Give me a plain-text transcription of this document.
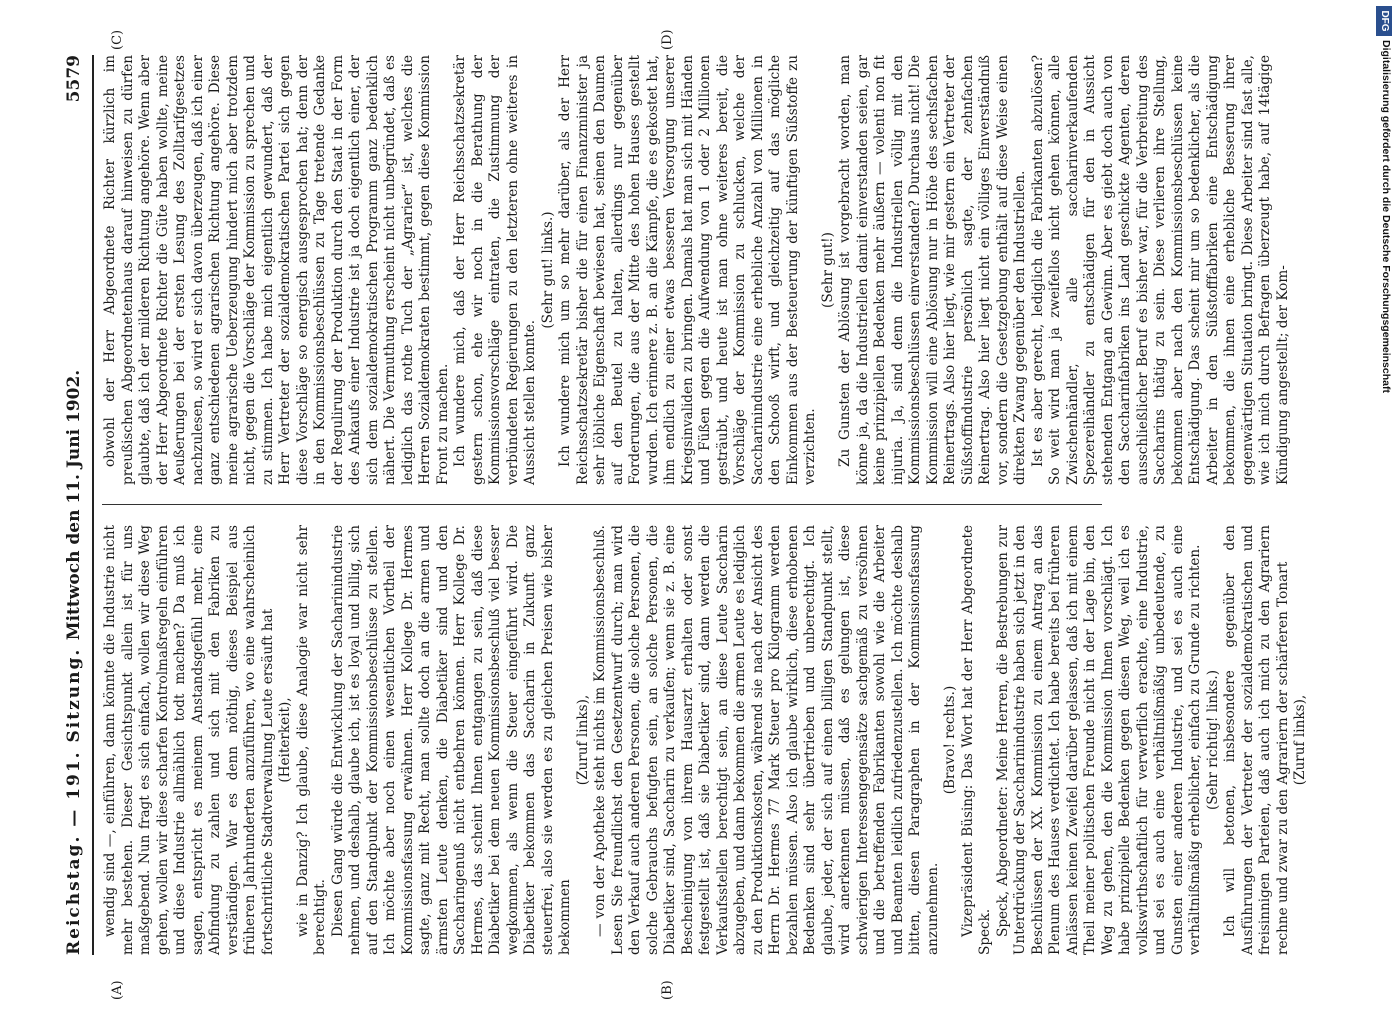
Reichstag. — 191. Sitzung.
Mittwoch den 11. Juni 1902.
5579

wendig sind —, einführen, dann könnte die Industrie nicht mehr bestehen. Dieser Gesichtspunkt allein ist für uns maßgebend. Nun fragt es sich einfach, wollen wir diese Weg gehen, wollen wir diese scharfen Kontrolmaßregeln einführen und diese Industrie allmählich todt machen? Da muß ich sagen, entspricht es meinem Anstandsgefühl mehr, eine Abfindung zu zahlen und sich mit den Fabriken zu verständigen. War es denn nöthig, dieses Beispiel aus früheren Jahrhunderten anzuführen, wo eine wahrscheinlich fortschrittliche Stadtverwaltung Leute ersäuft hat (Heiterkeit), wie in Danzig? Ich glaube, diese Analogie war nicht sehr berechtigt. Diesen Gang würde die Entwicklung der Sacharinindustrie nehmen, und deshalb, glaube ich, ist es loyal und billig, sich auf den Standpunkt der Kommissionsbeschlüsse zu stellen. Ich möchte aber noch einen wesentlichen Vortheil der Kommissionsfassung erwähnen. Herr Kollege Dr. Hermes sagte, ganz mit Recht, man sollte doch an die armen und ärmsten Leute denken, die Diabetiker sind und den Saccharingenuß nicht entbehren können. Herr Kollege Dr. Hermes, das scheint Ihnen entgangen zu sein, daß diese Diabetiker bei dem neuen Kommissionsbeschluß viel besser wegkommen, als wenn die Steuer eingeführt wird. Die Diabetiker bekommen das Saccharin in Zukunft ganz steuerfrei, also sie werden es zu gleichen Preisen wie bisher bekommen

(Zuruf links), — von der Apotheke steht nichts im Kommissionsbeschluß. Lesen Sie freundlichst den Gesetzentwurf durch; man wird den Verkauf auch anderen Personen, die solche Personen, die solche Gebrauchs befugten sein, an solche Personen, die Diabetiker sind, Saccharin zu verkaufen; wenn sie z. B. eine Bescheinigung von ihrem Hausarzt erhalten oder sonst festgestellt ist, daß sie Diabetiker sind, dann werden die Verkaufsstellen berechtigt sein, an diese Leute Saccharin abzugeben, und dann bekommen die armen Leute es lediglich zu den Produktionskosten, während sie nach der Ansicht des Herrn Dr. Hermes 77 Mark Steuer pro Kilogramm werden bezahlen müssen. Also ich glaube wirklich, diese erhobenen Bedenken sind sehr übertrieben und unberechtigt. Ich glaube, jeder, der sich auf einen billigen Standpunkt stellt, wird anerkennen müssen, daß es gelungen ist, diese schwierigen Interessengegensätze sachgemäß zu versöhnen und die betreffenden Fabrikanten sowohl wie die Arbeiter und Beamten leidlich zufriedenzustellen. Ich möchte deshalb bitten, diesen Paragraphen in der Kommissionsfassung anzunehmen.

(Bravo! rechts.) Vizepräsident Büsing: Das Wort hat der Herr Abgeordnete Speck. Speck, Abgeordneter: Meine Herren, die Bestrebungen zur Unterdrückung der Saccharinindustrie haben sich jetzt in den Beschlüssen der XX. Kommission zu einem Antrag an das Plenum des Hauses verdichtet. Ich habe bereits bei früheren Anlässen keinen Zweifel darüber gelassen, daß ich mit einem Theil meiner politischen Freunde nicht in der Lage bin, den Weg zu gehen, den die Kommission Ihnen vorschlägt. Ich habe prinzipielle Bedenken gegen diesen Weg, weil ich es volkswirthschaftlich für verwerflich erachte, eine Industrie, und sei es auch eine verhältnißmäßig unbedeutende, zu Gunsten einer anderen Industrie, und sei es auch eine verhältnißmäßig erheblicher, einfach zu Grunde zu richten. (Sehr richtig! links.) Ich will betonen, insbesondere gegenüber den Ausführungen der Vertreter der sozialdemokratischen und freisinnigen Parteien, daß auch ich mich zu den Agrariern rechne und zwar zu den Agrariern der schärferen Tonart (Zuruf links),

obwohl der Herr Abgeordnete Richter kürzlich im preußischen Abgeordnetenhaus darauf hinweisen zu dürfen glaubte, daß ich der milderen Richtung angehöre. Wenn aber der Herr Abgeordnete Richter die Güte haben wollte, meine Aeußerungen bei der ersten Lesung des Zolltarifgesetzes nachzulesen, so wird er sich davon überzeugen, daß ich einer ganz entschiedenen agrarischen Richtung angehöre. Diese meine agrarische Ueberzeugung hindert mich aber trotzdem nicht, gegen die Vorschläge der Kommission zu sprechen und zu stimmen. Ich habe mich eigentlich gewundert, daß der Herr Vertreter der sozialdemokratischen Partei sich gegen diese Vorschläge so energisch ausgesprochen hat; denn der in den Kommissionsbeschlüssen zu Tage tretende Gedanke der Regulirung der Produktion durch den Staat in der Form des Ankaufs einer Industrie ist ja doch eigentlich einer, der sich dem sozialdemokratischen Programm ganz bedenklich nähert. Die Vermuthung erscheint nicht unbegründet, daß es lediglich das rothe Tuch der „Agrarier“ ist, welches die Herren Sozialdemokraten bestimmt, gegen diese Kommission Front zu machen. Ich wundere mich, daß der Herr Reichsschatzsekretär gestern schon, ehe wir noch in die Berathung der Kommissionsvorschläge eintraten, die Zustimmung der verbündeten Regierungen zu den letzteren ohne weiteres in Aussicht stellen konnte.

(Sehr gut! links.) Ich wundere mich um so mehr darüber, als der Herr Reichsschatzsekretär bisher die für einen Finanzminister ja sehr löbliche Eigenschaft bewiesen hat, seinen den Daumen auf den Beutel zu halten, allerdings nur gegenüber Forderungen, die aus der Mitte des hohen Hauses gestellt wurden. Ich erinnere z. B. an die Kämpfe, die es gekostet hat, ihm endlich zu einer etwas besseren Versorgung unserer Kriegsinvaliden zu bringen. Damals hat man sich mit Händen und Füßen gegen die Aufwendung von 1 oder 2 Millionen gesträubt, und heute ist man ohne weiteres bereit, die Vorschläge der Kommission zu schlucken, welche der Saccharinindustrie eine erhebliche Anzahl von Millionen in den Schooß wirft, und gleichzeitig auf das mögliche Einkommen aus der Besteuerung der künftigen Süßstoffe zu verzichten.

(Sehr gut!) Zu Gunsten der Ablösung ist vorgebracht worden, man könne ja, da die Industriellen damit einverstanden seien, gar keine prinzipiellen Bedenken mehr äußern — volenti non fit injuria. Ja, sind denn die Industriellen völlig mit den Kommissionsbeschlüssen einverstanden? Durchaus nicht! Die Kommission will eine Ablösung nur in Höhe des sechsfachen Reinertrags. Also hier liegt, wie mir gestern ein Vertreter der Süßstoffindustrie persönlich sagte, der zehnfachen Reinertrag. Also hier liegt nicht ein völliges Einverständniß vor, sondern die Gesetzgebung enthält auf diese Weise einen direkten Zwang gegenüber den Industriellen. Ist es aber gerecht, lediglich die Fabrikanten abzulösen? So weit wird man ja zweifellos nicht gehen können, alle Zwischenhändler, alle saccharinverkaufenden Spezereihändler zu entschädigen für den in Aussicht stehenden Entgang an Gewinn. Aber es giebt doch auch von den Saccharinfabriken ins Land geschickte Agenten, deren ausschließlicher Beruf es bisher war, für die Verbreitung des Saccharins thätig zu sein. Diese verlieren ihre Stellung, bekommen aber nach den Kommissionsbeschlüssen keine Entschädigung. Das scheint mir um so bedenklicher, als die Arbeiter in den Süßstofffabriken eine Entschädigung bekommen, die ihnen eine erhebliche Besserung ihrer gegenwärtigen Situation bringt. Diese Arbeiter sind fast alle, wie ich mich durch Befragen überzeugt habe, auf 14tägige Kündigung angestellt; der Kom-

(A)	(B)
(C)	(D)
DFG
Digitalisierung gefördert durch die Deutsche Forschungsgemeinschaft
